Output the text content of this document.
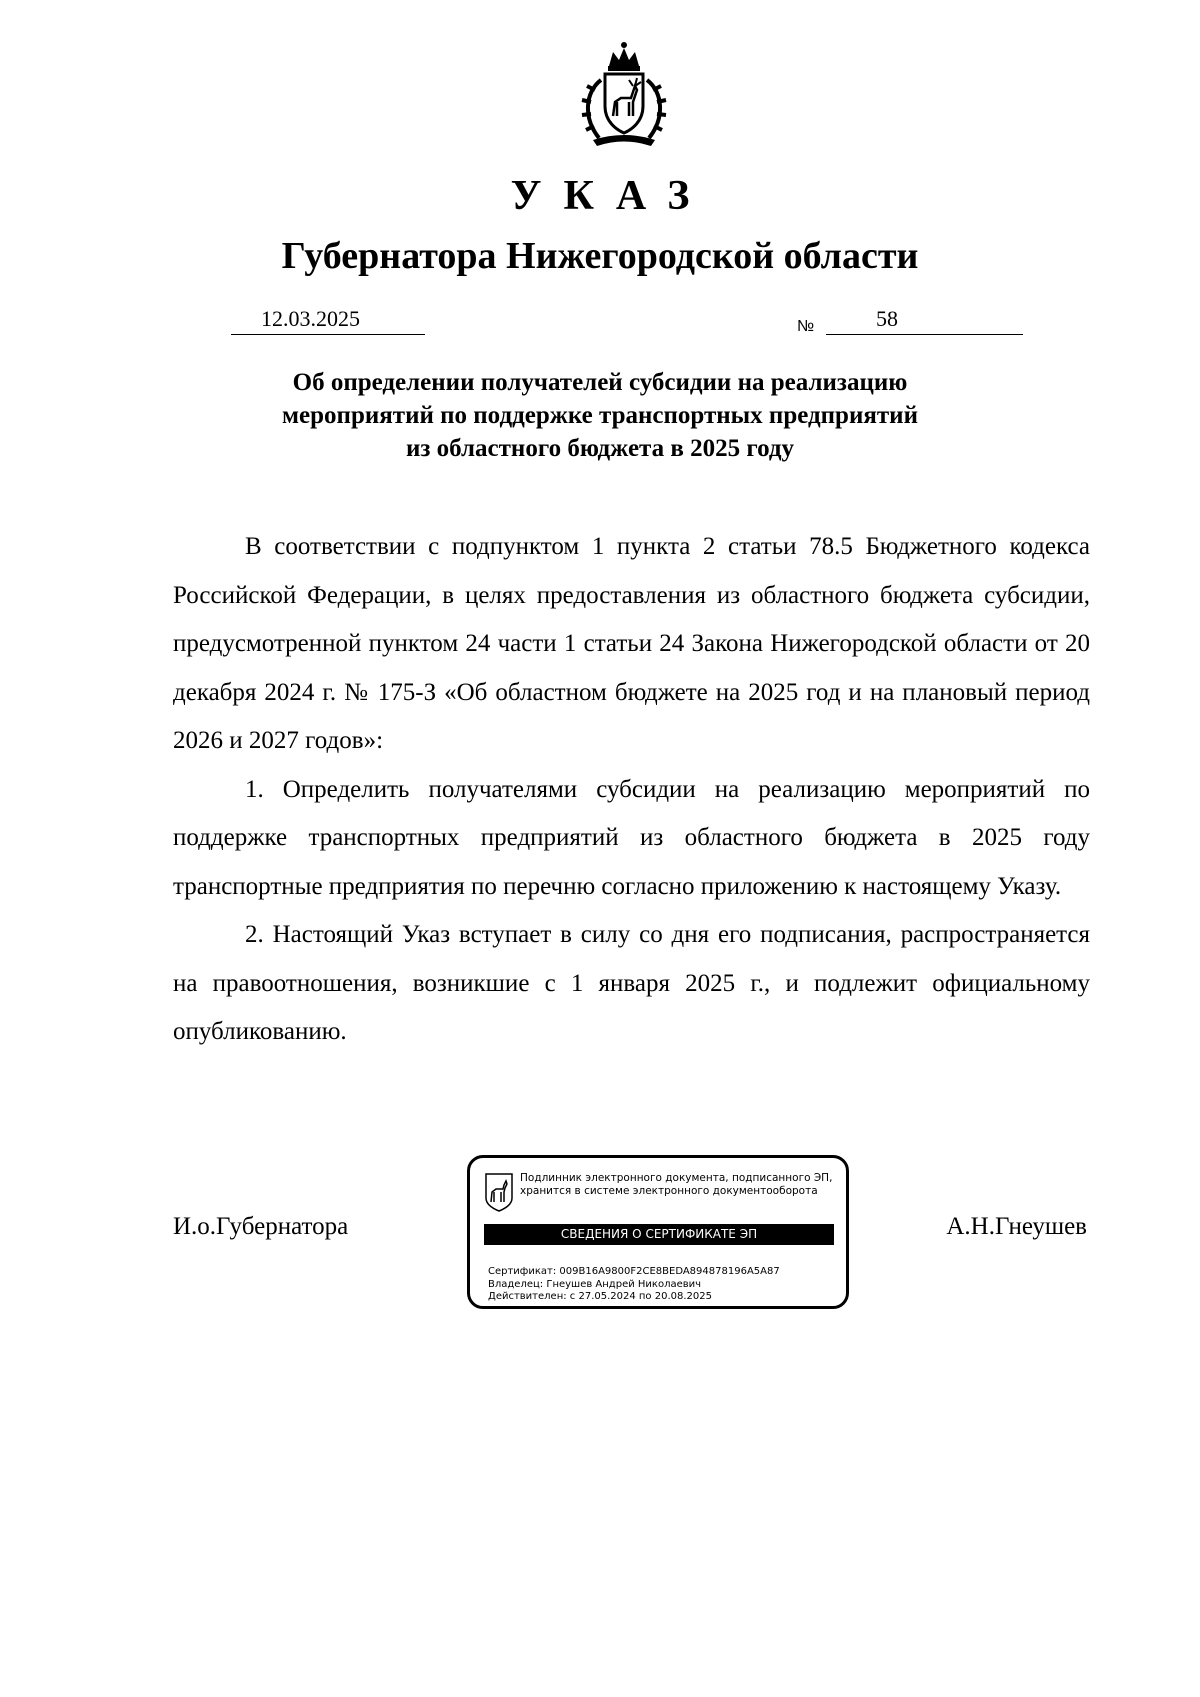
УКАЗ
Губернатора Нижегородской области
12.03.2025	№	58
Об определении получателей субсидии на реализацию
мероприятий по поддержке транспортных предприятий
из областного бюджета в 2025 году

В соответствии с подпунктом 1 пункта 2 статьи 78.5 Бюджетного кодекса Российской Федерации, в целях предоставления из областного бюджета субсидии, предусмотренной пунктом 24 части 1 статьи 24 Закона Нижегородской области от 20 декабря 2024 г. № 175-З «Об областном бюджете на 2025 год и на плановый период 2026 и 2027 годов»:

1. Определить получателями субсидии на реализацию мероприятий по поддержке транспортных предприятий из областного бюджета в 2025 году транспортные предприятия по перечню согласно приложению к настоящему Указу.

2. Настоящий Указ вступает в силу со дня его подписания, распространяется на правоотношения, возникшие с 1 января 2025 г., и подлежит официальному опубликованию.

И.о.Губернатора
Подлинник электронного документа, подписанного ЭП,
хранится в системе электронного документооборота
СВЕДЕНИЯ О СЕРТИФИКАТЕ ЭП
Сертификат: 009B16A9800F2CE8BEDA894878196A5A87
Владелец: Гнеушев Андрей Николаевич
Действителен: с 27.05.2024 по 20.08.2025
А.Н.Гнеушев
